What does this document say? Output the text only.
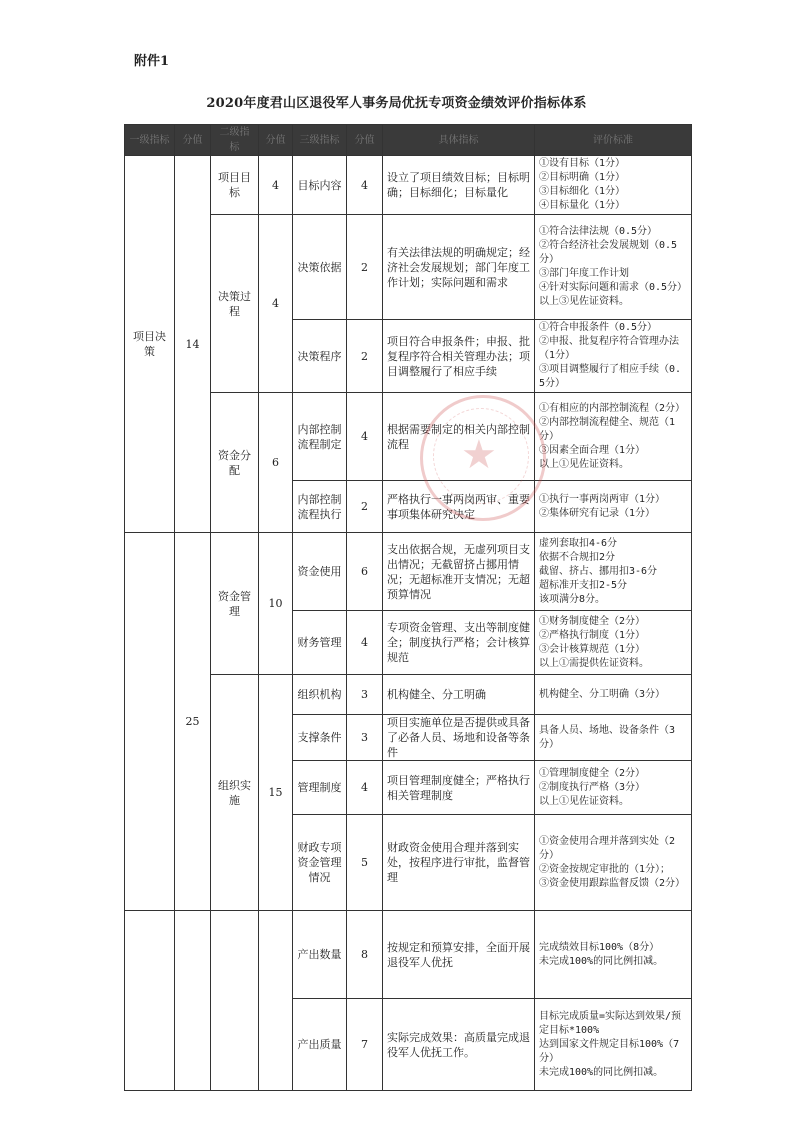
附件1
2020年度君山区退役军人事务局优抚专项资金绩效评价指标体系
一级指标	分值	二级指标	分值	三级指标	分值	具体指标	评价标准
项目决策	14	项目目标	4	目标内容	4	设立了项目绩效目标；目标明确；目标细化；目标量化	①设有目标（1分）
②目标明确（1分）
③目标细化（1分）
④目标量化（1分）

		决策过程	4	决策依据	2	有关法律法规的明确规定；经济社会发展规划；部门年度工作计划；实际问题和需求	①符合法律法规（0.5分）
②符合经济社会发展规划（0.5分）
③部门年度工作计划
④针对实际问题和需求（0.5分）
以上③见佐证资料。

				决策程序	2	项目符合申报条件；申报、批复程序符合相关管理办法；项目调整履行了相应手续	①符合申报条件（0.5分）
②申报、批复程序符合管理办法（1分）
③项目调整履行了相应手续（0.5分）

		资金分配	6	内部控制流程制定	4	根据需要制定的相关内部控制流程	①有相应的内部控制流程（2分）
②内部控制流程健全、规范（1分）
③因素全面合理（1分）
以上①见佐证资料。

				内部控制流程执行	2	严格执行一事两岗两审、重要事项集体研究决定	①执行一事两岗两审（1分）
②集体研究有记录（1分）

	25	资金管理	10	资金使用	6	支出依据合规，无虚列项目支出情况；无截留挤占挪用情况；无超标准开支情况；无超预算情况	虚列套取扣4-6分
依据不合规扣2分
截留、挤占、挪用扣3-6分
超标准开支扣2-5分
该项满分8分。

				财务管理	4	专项资金管理、支出等制度健全；制度执行严格；会计核算规范	①财务制度健全（2分）
②严格执行制度（1分）
③会计核算规范（1分）
以上①需提供佐证资料。

		组织实施	15	组织机构	3	机构健全、分工明确	机构健全、分工明确（3分）

				支撑条件	3	项目实施单位是否提供或具备了必备人员、场地和设备等条件	具备人员、场地、设备条件（3分）

				管理制度	4	项目管理制度健全；严格执行相关管理制度	①管理制度健全（2分）
②制度执行严格（3分）
以上①见佐证资料。

				财政专项资金管理情况	5	财政资金使用合理并落到实处，按程序进行审批，监督管理	①资金使用合理并落到实处（2分）
②资金按规定审批的（1分）；
③资金使用跟踪监督反馈（2分）

				产出数量	8	按规定和预算安排，全面开展退役军人优抚	完成绩效目标100%（8分）
未完成100%的同比例扣减。

				产出质量	7	实际完成效果：高质量完成退役军人优抚工作。	目标完成质量=实际达到效果/预定目标*100%
达到国家文件规定目标100%（7分）
未完成100%的同比例扣减。
★
